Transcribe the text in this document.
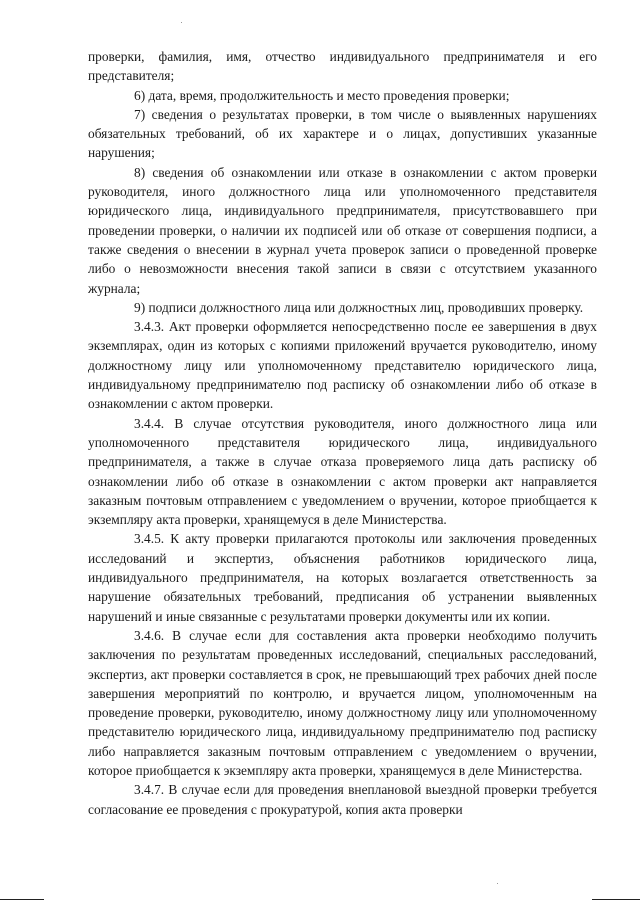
проверки, фамилия, имя, отчество индивидуального предпринимателя и его представителя;

6) дата, время, продолжительность и место проведения проверки;

7) сведения о результатах проверки, в том числе о выявленных нарушениях обязательных требований, об их характере и о лицах, допустивших указанные нарушения;

8) сведения об ознакомлении или отказе в ознакомлении с актом проверки руководителя, иного должностного лица или уполномоченного представителя юридического лица, индивидуального предпринимателя, присутствовавшего при проведении проверки, о наличии их подписей или об отказе от совершения подписи, а также сведения о внесении в журнал учета проверок записи о проведенной проверке либо о невозможности внесения такой записи в связи с отсутствием указанного журнала;

9) подписи должностного лица или должностных лиц, проводивших проверку.

3.4.3. Акт проверки оформляется непосредственно после ее завершения в двух экземплярах, один из которых с копиями приложений вручается руководителю, иному должностному лицу или уполномоченному представителю юридического лица, индивидуальному предпринимателю под расписку об ознакомлении либо об отказе в ознакомлении с актом проверки.

3.4.4. В случае отсутствия руководителя, иного должностного лица или уполномоченного представителя юридического лица, индивидуального предпринимателя, а также в случае отказа проверяемого лица дать расписку об ознакомлении либо об отказе в ознакомлении с актом проверки акт направляется заказным почтовым отправлением с уведомлением о вручении, которое приобщается к экземпляру акта проверки, хранящемуся в деле Министерства.

3.4.5. К акту проверки прилагаются протоколы или заключения проведенных исследований и экспертиз, объяснения работников юридического лица, индивидуального предпринимателя, на которых возлагается ответственность за нарушение обязательных требований, предписания об устранении выявленных нарушений и иные связанные с результатами проверки документы или их копии.

3.4.6. В случае если для составления акта проверки необходимо получить заключения по результатам проведенных исследований, специальных расследований, экспертиз, акт проверки составляется в срок, не превышающий трех рабочих дней после завершения мероприятий по контролю, и вручается лицом, уполномоченным на проведение проверки, руководителю, иному должностному лицу или уполномоченному представителю юридического лица, индивидуальному предпринимателю под расписку либо направляется заказным почтовым отправлением с уведомлением о вручении, которое приобщается к экземпляру акта проверки, хранящемуся в деле Министерства.

3.4.7. В случае если для проведения внеплановой выездной проверки требуется согласование ее проведения с прокуратурой, копия акта проверки
